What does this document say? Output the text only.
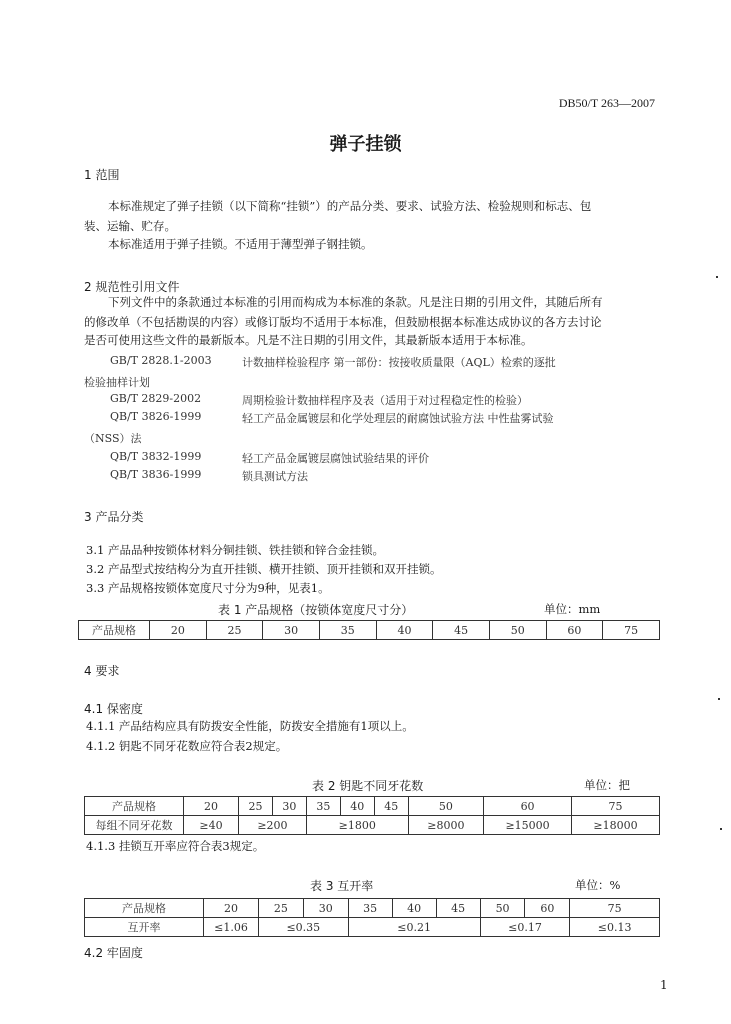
DB50/T 263—2007
弹子挂锁
1 范围
本标准规定了弹子挂锁（以下简称“挂锁”）的产品分类、要求、试验方法、检验规则和标志、包
装、运输、贮存。
本标准适用于弹子挂锁。不适用于薄型弹子钢挂锁。
2 规范性引用文件
下列文件中的条款通过本标准的引用而构成为本标准的条款。凡是注日期的引用文件，其随后所有
的修改单（不包括勘误的内容）或修订版均不适用于本标准，但鼓励根据本标准达成协议的各方去讨论
是否可使用这些文件的最新版本。凡是不注日期的引用文件，其最新版本适用于本标准。
GB/T 2828.1-2003	计数抽样检验程序 第一部份：按接收质量限（AQL）检索的逐批
检验抽样计划
GB/T 2829-2002	周期检验计数抽样程序及表（适用于对过程稳定性的检验）
QB/T 3826-1999	轻工产品金属镀层和化学处理层的耐腐蚀试验方法 中性盐雾试验
（NSS）法
QB/T 3832-1999	轻工产品金属镀层腐蚀试验结果的评价
QB/T 3836-1999	锁具测试方法
3 产品分类
3.1 产品品种按锁体材料分铜挂锁、铁挂锁和锌合金挂锁。
3.2 产品型式按结构分为直开挂锁、横开挂锁、顶开挂锁和双开挂锁。
3.3 产品规格按锁体宽度尺寸分为9种，见表1。
表 1 产品规格（按锁体宽度尺寸分）	单位：mm
产品规格	20	25	30	35	40	45	50	60	75
4 要求
4.1 保密度
4.1.1 产品结构应具有防拨安全性能，防拨安全措施有1项以上。
4.1.2 钥匙不同牙花数应符合表2规定。
表 2 钥匙不同牙花数	单位：把
产品规格	20	25	30	35	40	45	50	60	75
每组不同牙花数	≥40	≥200		≥1800			≥8000	≥15000	≥18000
4.1.3 挂锁互开率应符合表3规定。
表 3 互开率	单位：%
产品规格	20	25	30	35	40	45	50	60	75
互开率	≤1.06	≤0.35		≤0.21			≤0.17		≤0.13
4.2 牢固度
1
